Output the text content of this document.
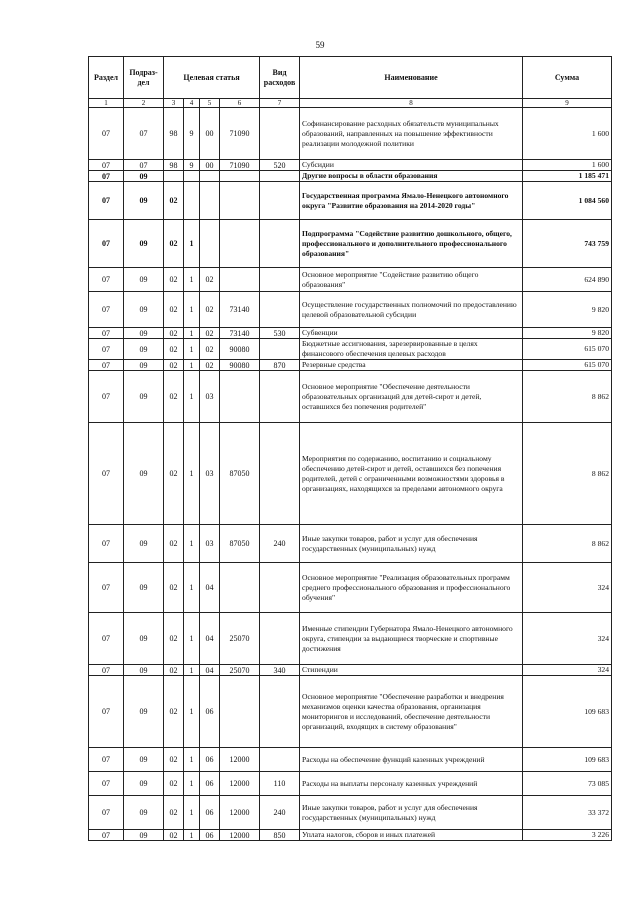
59
Раздел	Подраз-дел	Целевая статья				Вид расходов	Наименование	Сумма
1	2	3	4	5	6	7	8	9
07	07	98	9	00	71090		Софинансирование расходных обязательств муниципальных образований, направленных на повышение эффективности реализации молодежной политики	1 600
07	07	98	9	00	71090	520	Субсидии	1 600
07	09						Другие вопросы в области образования	1 185 471
07	09	02					Государственная программа Ямало-Ненецкого автономного округа "Развитие образования на 2014-2020 годы"	1 084 560
07	09	02	1				Подпрограмма "Содействие развитию дошкольного, общего, профессионального и дополнительного профессионального образования"	743 759
07	09	02	1	02			Основное мероприятие "Содействие развитию общего образования"	624 890
07	09	02	1	02	73140		Осуществление государственных полномочий по предоставлению целевой образовательной субсидии	9 820
07	09	02	1	02	73140	530	Субвенции	9 820
07	09	02	1	02	90080		Бюджетные ассигнования, зарезервированные в целях финансового обеспечения целевых расходов	615 070
07	09	02	1	02	90080	870	Резервные средства	615 070
07	09	02	1	03			Основное мероприятие "Обеспечение деятельности образовательных организаций для детей-сирот и детей, оставшихся без попечения родителей"	8 862
07	09	02	1	03	87050		Мероприятия по содержанию, воспитанию и социальному обеспечению детей-сирот и детей, оставшихся без попечения родителей, детей с ограниченными возможностями здоровья в организациях, находящихся за пределами автономного округа	8 862
07	09	02	1	03	87050	240	Иные закупки товаров, работ и услуг для обеспечения государственных (муниципальных) нужд	8 862
07	09	02	1	04			Основное мероприятие "Реализация образовательных программ среднего профессионального образования и профессионального обучения"	324
07	09	02	1	04	25070		Именные стипендии Губернатора Ямало-Ненецкого автономного округа, стипендии за выдающиеся творческие и спортивные достижения	324
07	09	02	1	04	25070	340	Стипендии	324
07	09	02	1	06			Основное мероприятие "Обеспечение разработки и внедрения механизмов оценки качества образования, организация мониторингов и исследований, обеспечение деятельности организаций, входящих в систему образования"	109 683
07	09	02	1	06	12000		Расходы на обеспечение функций казенных учреждений	109 683
07	09	02	1	06	12000	110	Расходы на выплаты персоналу казенных учреждений	73 085
07	09	02	1	06	12000	240	Иные закупки товаров, работ и услуг для обеспечения государственных (муниципальных) нужд	33 372
07	09	02	1	06	12000	850	Уплата налогов, сборов и иных платежей	3 226
